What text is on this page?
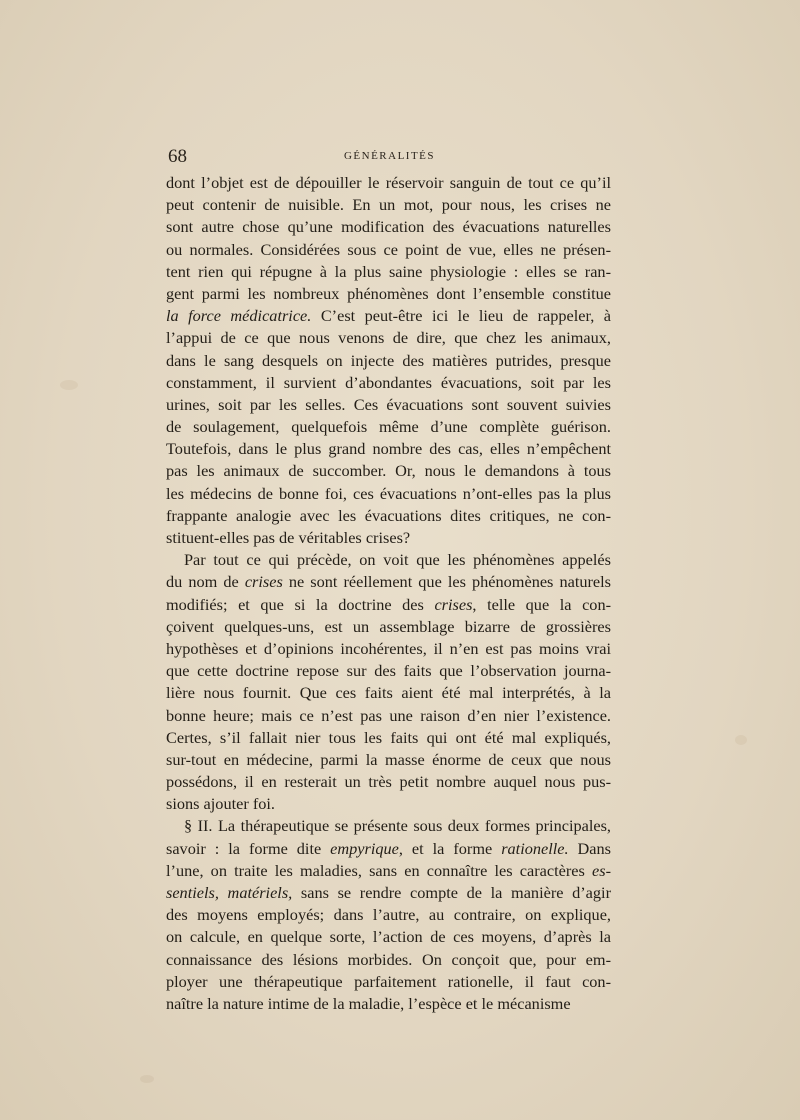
68	GÉNÉRALITÉS
dont l’objet est de dépouiller le réservoir sanguin de tout ce qu’il
peut contenir de nuisible. En un mot, pour nous, les crises ne
sont autre chose qu’une modification des évacuations naturelles
ou normales. Considérées sous ce point de vue, elles ne présen-
tent rien qui répugne à la plus saine physiologie : elles se ran-
gent parmi les nombreux phénomènes dont l’ensemble constitue
la force médicatrice. C’est peut-être ici le lieu de rappeler, à
l’appui de ce que nous venons de dire, que chez les animaux,
dans le sang desquels on injecte des matières putrides, presque
constamment, il survient d’abondantes évacuations, soit par les
urines, soit par les selles. Ces évacuations sont souvent suivies
de soulagement, quelquefois même d’une complète guérison.
Toutefois, dans le plus grand nombre des cas, elles n’empêchent
pas les animaux de succomber. Or, nous le demandons à tous
les médecins de bonne foi, ces évacuations n’ont-elles pas la plus
frappante analogie avec les évacuations dites critiques, ne con-
stituent-elles pas de véritables crises?
Par tout ce qui précède, on voit que les phénomènes appelés
du nom de crises ne sont réellement que les phénomènes naturels
modifiés; et que si la doctrine des crises, telle que la con-
çoivent quelques-uns, est un assemblage bizarre de grossières
hypothèses et d’opinions incohérentes, il n’en est pas moins vrai
que cette doctrine repose sur des faits que l’observation journa-
lière nous fournit. Que ces faits aient été mal interprétés, à la
bonne heure; mais ce n’est pas une raison d’en nier l’existence.
Certes, s’il fallait nier tous les faits qui ont été mal expliqués,
sur-tout en médecine, parmi la masse énorme de ceux que nous
possédons, il en resterait un très petit nombre auquel nous pus-
sions ajouter foi.
§ II. La thérapeutique se présente sous deux formes principales,
savoir : la forme dite empyrique, et la forme rationelle. Dans
l’une, on traite les maladies, sans en connaître les caractères es-
sentiels, matériels, sans se rendre compte de la manière d’agir
des moyens employés; dans l’autre, au contraire, on explique,
on calcule, en quelque sorte, l’action de ces moyens, d’après la
connaissance des lésions morbides. On conçoit que, pour em-
ployer une thérapeutique parfaitement rationelle, il faut con-
naître la nature intime de la maladie, l’espèce et le mécanisme
